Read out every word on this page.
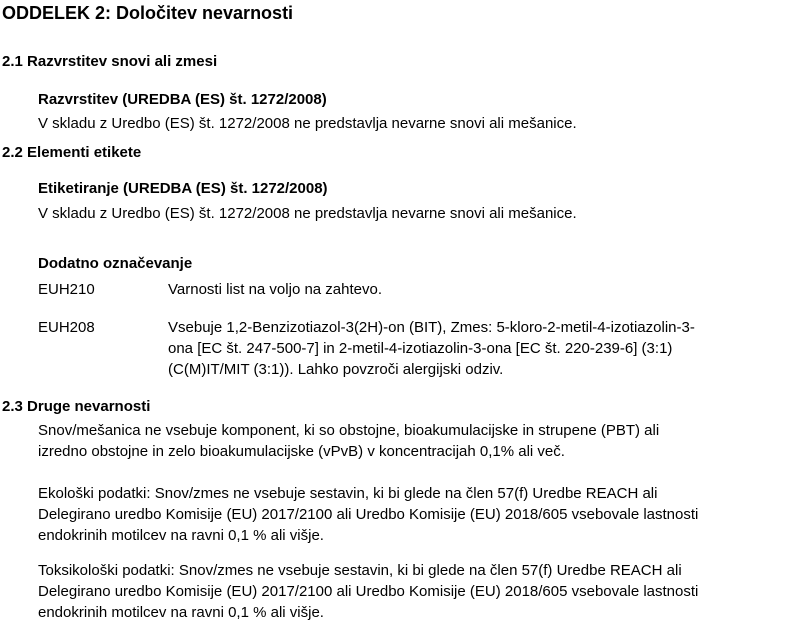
ODDELEK 2: Določitev nevarnosti
2.1 Razvrstitev snovi ali zmesi
Razvrstitev (UREDBA (ES) št. 1272/2008)
V skladu z Uredbo (ES) št. 1272/2008 ne predstavlja nevarne snovi ali mešanice.
2.2 Elementi etikete
Etiketiranje (UREDBA (ES) št. 1272/2008)
V skladu z Uredbo (ES) št. 1272/2008 ne predstavlja nevarne snovi ali mešanice.
Dodatno označevanje
EUH210	Varnosti list na voljo na zahtevo.
EUH208	Vsebuje 1,2-Benzizotiazol-3(2H)-on (BIT), Zmes: 5-kloro-2-metil-4-izotiazolin-3-
ona [EC št. 247-500-7] in 2-metil-4-izotiazolin-3-ona [EC št. 220-239-6] (3:1)
(C(M)IT/MIT (3:1)). Lahko povzroči alergijski odziv.
2.3 Druge nevarnosti
Snov/mešanica ne vsebuje komponent, ki so obstojne, bioakumulacijske in strupene (PBT) ali
izredno obstojne in zelo bioakumulacijske (vPvB) v koncentracijah 0,1% ali več.
Ekološki podatki: Snov/zmes ne vsebuje sestavin, ki bi glede na člen 57(f) Uredbe REACH ali
Delegirano uredbo Komisije (EU) 2017/2100 ali Uredbo Komisije (EU) 2018/605 vsebovale lastnosti
endokrinih motilcev na ravni 0,1 % ali višje.
Toksikološki podatki: Snov/zmes ne vsebuje sestavin, ki bi glede na člen 57(f) Uredbe REACH ali
Delegirano uredbo Komisije (EU) 2017/2100 ali Uredbo Komisije (EU) 2018/605 vsebovale lastnosti
endokrinih motilcev na ravni 0,1 % ali višje.
